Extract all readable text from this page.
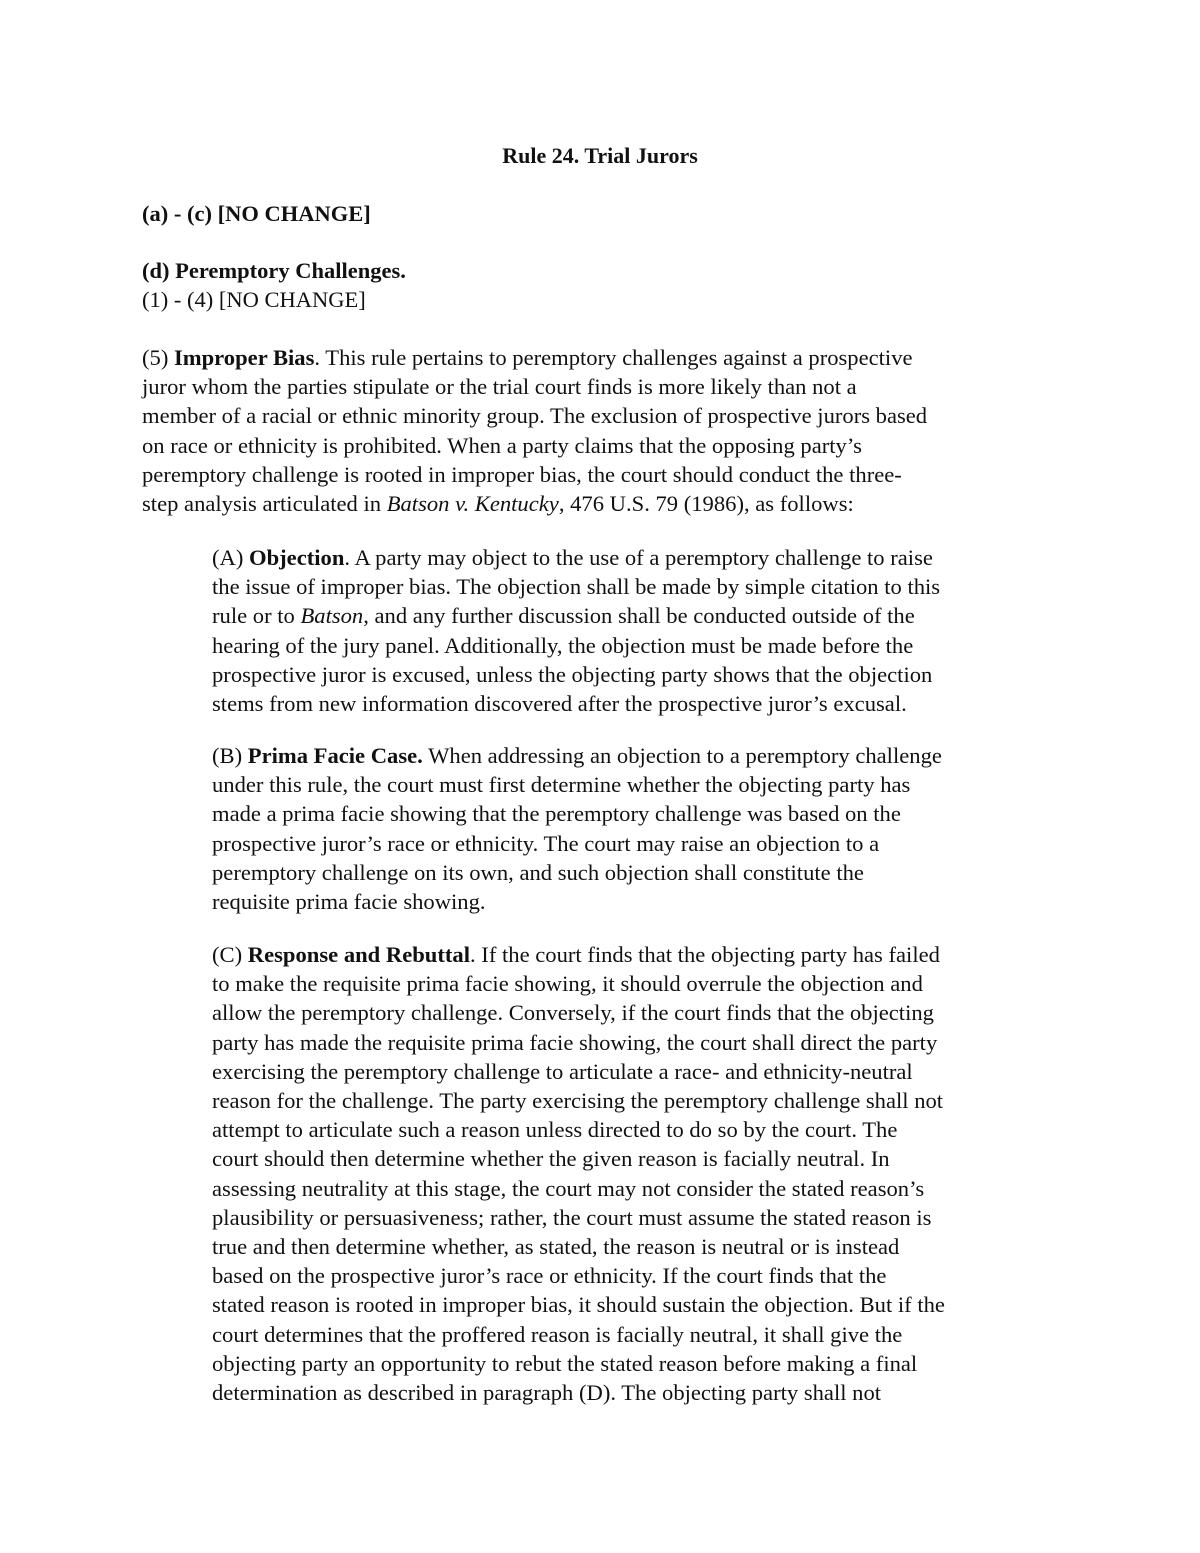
Rule 24. Trial Jurors

(a) - (c) [NO CHANGE]

(d) Peremptory Challenges.

(1) - (4) [NO CHANGE]

(5) Improper Bias. This rule pertains to peremptory challenges against a prospective
juror whom the parties stipulate or the trial court finds is more likely than not a
member of a racial or ethnic minority group. The exclusion of prospective jurors based
on race or ethnicity is prohibited. When a party claims that the opposing party’s
peremptory challenge is rooted in improper bias, the court should conduct the three-
step analysis articulated in Batson v. Kentucky, 476 U.S. 79 (1986), as follows:
(A) Objection. A party may object to the use of a peremptory challenge to raise
the issue of improper bias. The objection shall be made by simple citation to this
rule or to Batson, and any further discussion shall be conducted outside of the
hearing of the jury panel. Additionally, the objection must be made before the
prospective juror is excused, unless the objecting party shows that the objection
stems from new information discovered after the prospective juror’s excusal.
(B) Prima Facie Case. When addressing an objection to a peremptory challenge
under this rule, the court must first determine whether the objecting party has
made a prima facie showing that the peremptory challenge was based on the
prospective juror’s race or ethnicity. The court may raise an objection to a
peremptory challenge on its own, and such objection shall constitute the
requisite prima facie showing.
(C) Response and Rebuttal. If the court finds that the objecting party has failed
to make the requisite prima facie showing, it should overrule the objection and
allow the peremptory challenge. Conversely, if the court finds that the objecting
party has made the requisite prima facie showing, the court shall direct the party
exercising the peremptory challenge to articulate a race- and ethnicity-neutral
reason for the challenge. The party exercising the peremptory challenge shall not
attempt to articulate such a reason unless directed to do so by the court. The
court should then determine whether the given reason is facially neutral. In
assessing neutrality at this stage, the court may not consider the stated reason’s
plausibility or persuasiveness; rather, the court must assume the stated reason is
true and then determine whether, as stated, the reason is neutral or is instead
based on the prospective juror’s race or ethnicity. If the court finds that the
stated reason is rooted in improper bias, it should sustain the objection. But if the
court determines that the proffered reason is facially neutral, it shall give the
objecting party an opportunity to rebut the stated reason before making a final
determination as described in paragraph (D). The objecting party shall not
